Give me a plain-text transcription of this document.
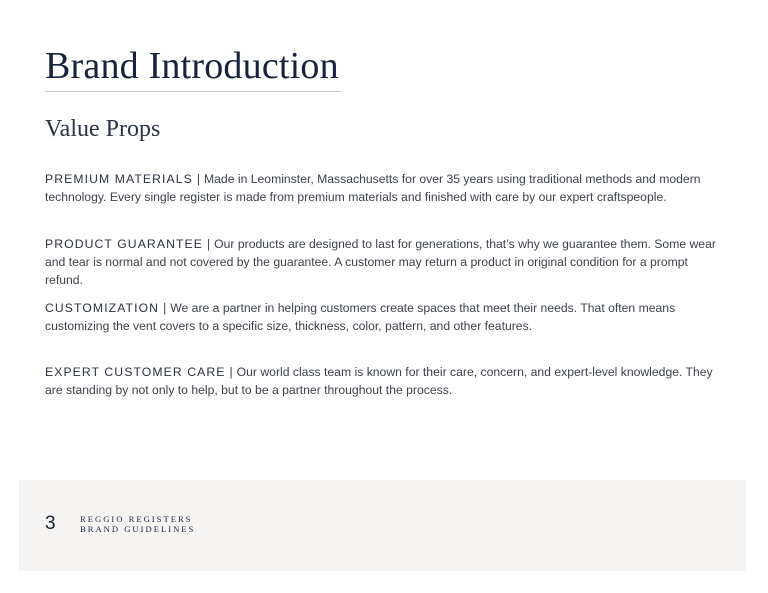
Brand Introduction
Value Props
PREMIUM MATERIALS | Made in Leominster, Massachusetts for over 35 years using traditional methods and modern technology. Every single register is made from premium materials and finished with care by our expert craftspeople.
PRODUCT GUARANTEE | Our products are designed to last for generations, that’s why we guarantee them. Some wear and tear is normal and not covered by the guarantee. A customer may return a product in original condition for a prompt refund.
CUSTOMIZATION | We are a partner in helping customers create spaces that meet their needs. That often means customizing the vent covers to a specific size, thickness, color, pattern, and other features.
EXPERT CUSTOMER CARE | Our world class team is known for their care, concern, and expert-level knowledge. They are standing by not only to help, but to be a partner throughout the process.
3	REGGIO REGISTERS
BRAND GUIDELINES
